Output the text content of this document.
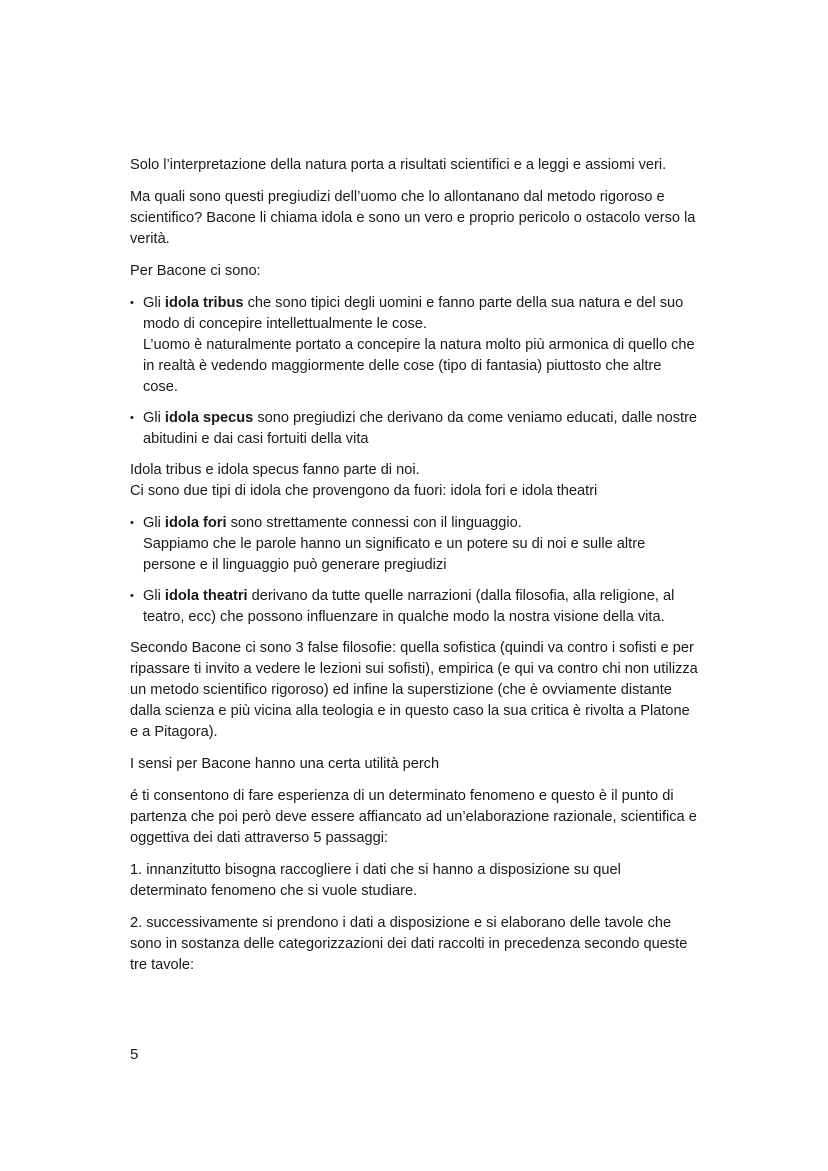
Solo l’interpretazione della natura porta a risultati scientifici e a leggi e assiomi veri.

Ma quali sono questi pregiudizi dell’uomo che lo allontanano dal metodo rigoroso e scientifico? Bacone li chiama idola e sono un vero e proprio pericolo o ostacolo verso la verità.

Per Bacone ci sono:

• Gli idola tribus che sono tipici degli uomini e fanno parte della sua natura e del suo modo di concepire intellettualmente le cose.
L’uomo è naturalmente portato a concepire la natura molto più armonica di quello che in realtà è vedendo maggiormente delle cose (tipo di fantasia) piuttosto che altre cose.
• Gli idola specus sono pregiudizi che derivano da come veniamo educati, dalle nostre abitudini e dai casi fortuiti della vita

Idola tribus e idola specus fanno parte di noi.
Ci sono due tipi di idola che provengono da fuori: idola fori e idola theatri

• Gli idola fori sono strettamente connessi con il linguaggio.
Sappiamo che le parole hanno un significato e un potere su di noi e sulle altre persone e il linguaggio può generare pregiudizi
• Gli idola theatri derivano da tutte quelle narrazioni (dalla filosofia, alla religione, al teatro, ecc) che possono influenzare in qualche modo la nostra visione della vita.

Secondo Bacone ci sono 3 false filosofie: quella sofistica (quindi va contro i sofisti e per ripassare ti invito a vedere le lezioni sui sofisti), empirica (e qui va contro chi non utilizza un metodo scientifico rigoroso) ed infine la superstizione (che è ovviamente distante dalla scienza e più vicina alla teologia e in questo caso la sua critica è rivolta a Platone e a Pitagora).

I sensi per Bacone hanno una certa utilità perch

é ti consentono di fare esperienza di un determinato fenomeno e questo è il punto di partenza che poi però deve essere affiancato ad un’elaborazione razionale, scientifica e oggettiva dei dati attraverso 5 passaggi:

1. innanzitutto bisogna raccogliere i dati che si hanno a disposizione su quel determinato fenomeno che si vuole studiare.

2. successivamente si prendono i dati a disposizione e si elaborano delle tavole che sono in sostanza delle categorizzazioni dei dati raccolti in precedenza secondo queste tre tavole:

5
